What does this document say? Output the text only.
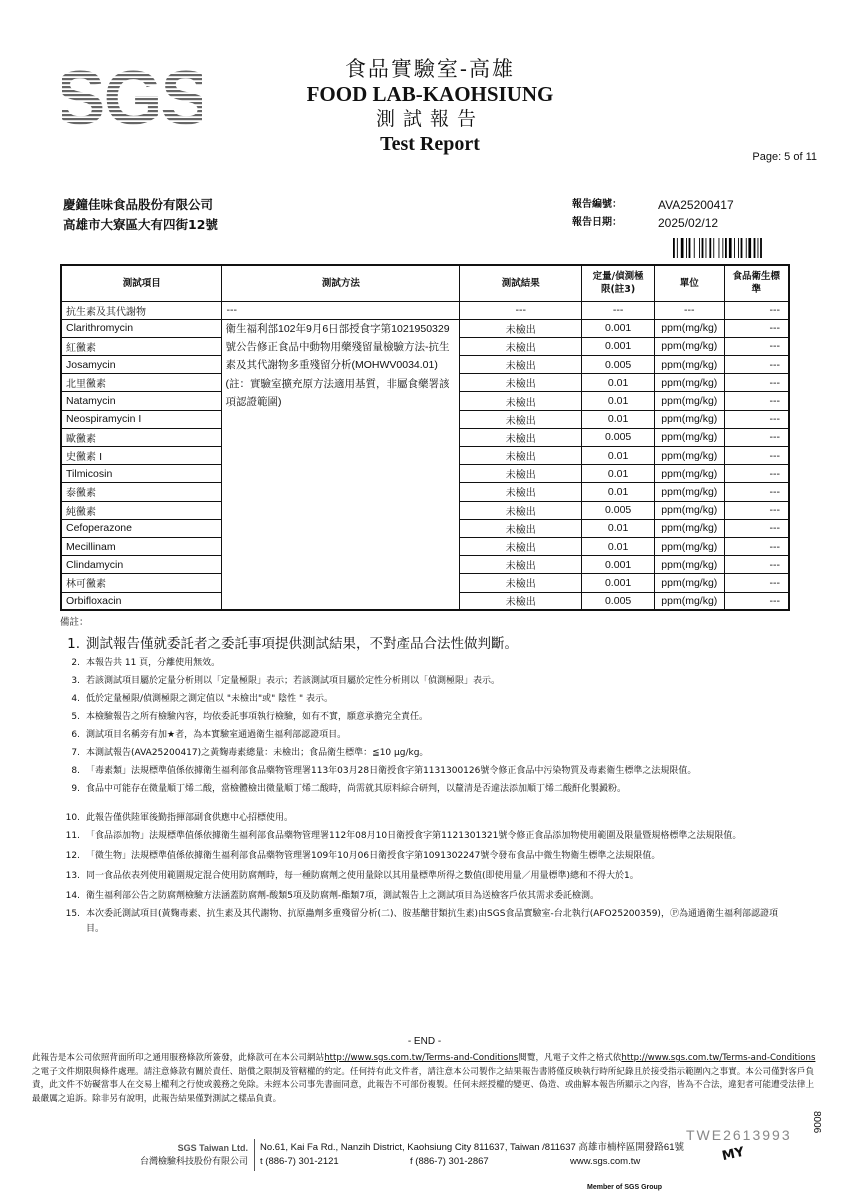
SGS	食品實驗室-高雄
FOOD LAB-KAOHSIUNG
測試報告
Test Report
Page: 5 of 11
慶鐘佳味食品股份有限公司
高雄市大寮區大有四街12號
報告編號：	AVA25200417
報告日期：	2025/02/12
測試項目	測試方法	測試結果	定量/偵測極限(註3)	單位	食品衛生標準
抗生素及其代謝物	---	---	---	---	---
Clarithromycin	衛生福利部102年9月6日部授食字第1021950329號公告修正食品中動物用藥殘留量檢驗方法-抗生素及其代謝物多重殘留分析(MOHWV0034.01)(註：實驗室擴充原方法適用基質，非屬食藥署該項認證範圍)	未檢出	0.001	ppm(mg/kg)	---
紅黴素		未檢出	0.001	ppm(mg/kg)	---
Josamycin		未檢出	0.005	ppm(mg/kg)	---
北里黴素		未檢出	0.01	ppm(mg/kg)	---
Natamycin		未檢出	0.01	ppm(mg/kg)	---
Neospiramycin I		未檢出	0.01	ppm(mg/kg)	---
歐黴素		未檢出	0.005	ppm(mg/kg)	---
史黴素 I		未檢出	0.01	ppm(mg/kg)	---
Tilmicosin		未檢出	0.01	ppm(mg/kg)	---
泰黴素		未檢出	0.01	ppm(mg/kg)	---
純黴素		未檢出	0.005	ppm(mg/kg)	---
Cefoperazone		未檢出	0.01	ppm(mg/kg)	---
Mecillinam		未檢出	0.01	ppm(mg/kg)	---
Clindamycin		未檢出	0.001	ppm(mg/kg)	---
林可黴素		未檢出	0.001	ppm(mg/kg)	---
Orbifloxacin		未檢出	0.005	ppm(mg/kg)	---
備註：
1. 測試報告僅就委託者之委託事項提供測試結果，不對產品合法性做判斷。
2. 本報告共 11 頁，分離使用無效。
3. 若該測試項目屬於定量分析則以「定量極限」表示；若該測試項目屬於定性分析則以「偵測極限」表示。
4. 低於定量極限/偵測極限之測定值以 "未檢出"或" 陰性 " 表示。
5. 本檢驗報告之所有檢驗內容，均依委託事項執行檢驗，如有不實，願意承擔完全責任。
6. 測試項目名稱旁有加★者，為本實驗室通過衛生福利部認證項目。
7. 本測試報告(AVA25200417)之黃麴毒素總量：未檢出；食品衛生標準：≦10 μg/kg。
8. 「毒素類」法規標準值係依據衛生福利部食品藥物管理署113年03月28日衛授食字第1131300126號令修正食品中污染物質及毒素衛生標準之法規限值。
9. 食品中可能存在微量順丁烯二酸，當檢體檢出微量順丁烯二酸時，尚需就其原料綜合研判，以釐清是否違法添加順丁烯二酸酐化製澱粉。
10. 此報告僅供陸軍後勤指揮部副食供應中心招標使用。
11. 「食品添加物」法規標準值係依據衛生福利部食品藥物管理署112年08月10日衛授食字第1121301321號令修正食品添加物使用範圍及限量暨規格標準之法規限值。
12. 「微生物」法規標準值係依據衛生福利部食品藥物管理署109年10月06日衛授食字第1091302247號令發布食品中微生物衛生標準之法規限值。
13. 同一食品依表列使用範圍規定混合使用防腐劑時，每一種防腐劑之使用量除以其用量標準所得之數值(即使用量／用量標準)總和不得大於1。
14. 衛生福利部公告之防腐劑檢驗方法涵蓋防腐劑-酸類5項及防腐劑-酯類7項，測試報告上之測試項目為送檢客戶依其需求委託檢測。
15. 本次委託測試項目(黃麴毒素、抗生素及其代謝物、抗原蟲劑多重殘留分析(二)、胺基醣苷類抗生素)由SGS食品實驗室-台北執行(AFO25200359)，Ⓟ為通過衛生福利部認證項目。
- END -
此報告是本公司依照背面所印之通用服務條款所簽發，此條款可在本公司網站http://www.sgs.com.tw/Terms-and-Conditions閱覽，凡電子文件之格式依http://www.sgs.com.tw/Terms-and-Conditions之電子文件期限與條件處理。請注意條款有關於責任、賠償之限制及管轄權的約定。任何持有此文件者，請注意本公司製作之結果報告書將僅反映執行時所紀錄且於接受指示範圍內之事實。本公司僅對客戶負責，此文件不妨礙當事人在交易上權利之行使或義務之免除。未經本公司事先書面同意，此報告不可部份複製。任何未經授權的變更、偽造、或曲解本報告所顯示之內容，皆為不合法，違犯者可能遭受法律上最嚴厲之追訴。除非另有說明，此報告結果僅對測試之樣品負責。
SGS Taiwan Ltd.
台灣檢驗科技股份有限公司
No.61, Kai Fa Rd., Nanzih District, Kaohsiung City 811637, Taiwan /811637 高雄市楠梓區開發路61號
t (886-7) 301-2121	f (886-7) 301-2867	www.sgs.com.tw
Member of SGS Group
TWE2613993
MY
8006
